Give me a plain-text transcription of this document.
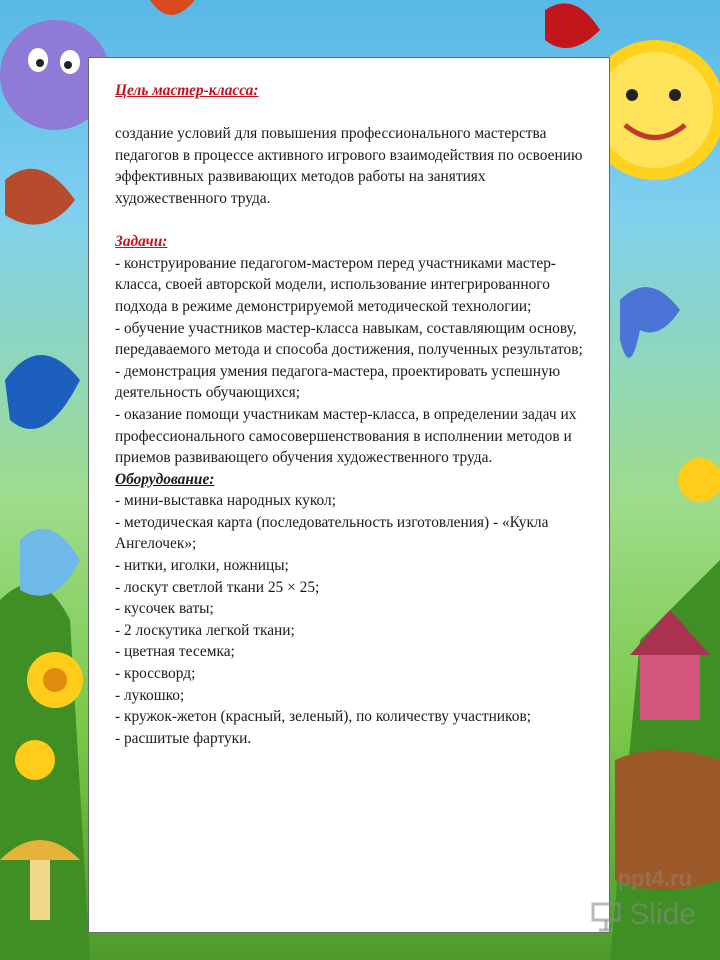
Цель мастер-класса:
создание условий для повышения профессионального мастерства педагогов в процессе активного игрового взаимодействия по освоению эффективных развивающих методов работы на занятиях художественного труда.
Задачи:
- конструирование педагогом-мастером перед участниками мастер-класса, своей авторской модели, использование интегрированного подхода в режиме демонстрируемой методической технологии;
- обучение участников мастер-класса навыкам, составляющим основу, передаваемого метода и способа достижения, полученных результатов;
- демонстрация умения педагога-мастера, проектировать успешную деятельность обучающихся;
- оказание помощи участникам мастер-класса, в определении задач их профессионального самосовершенствования в исполнении методов и приемов развивающего обучения художественного труда.
Оборудование:
- мини-выставка народных кукол;
- методическая карта (последовательность изготовления) - «Кукла Ангелочек»;
- нитки, иголки, ножницы;
- лоскут светлой ткани 25 × 25;
- кусочек ваты;
- 2 лоскутика легкой ткани;
- цветная тесемка;
- кроссворд;
- лукошко;
- кружок-жетон (красный, зеленый), по количеству участников;
- расшитые фартуки.
ppt4.ru
Slide
